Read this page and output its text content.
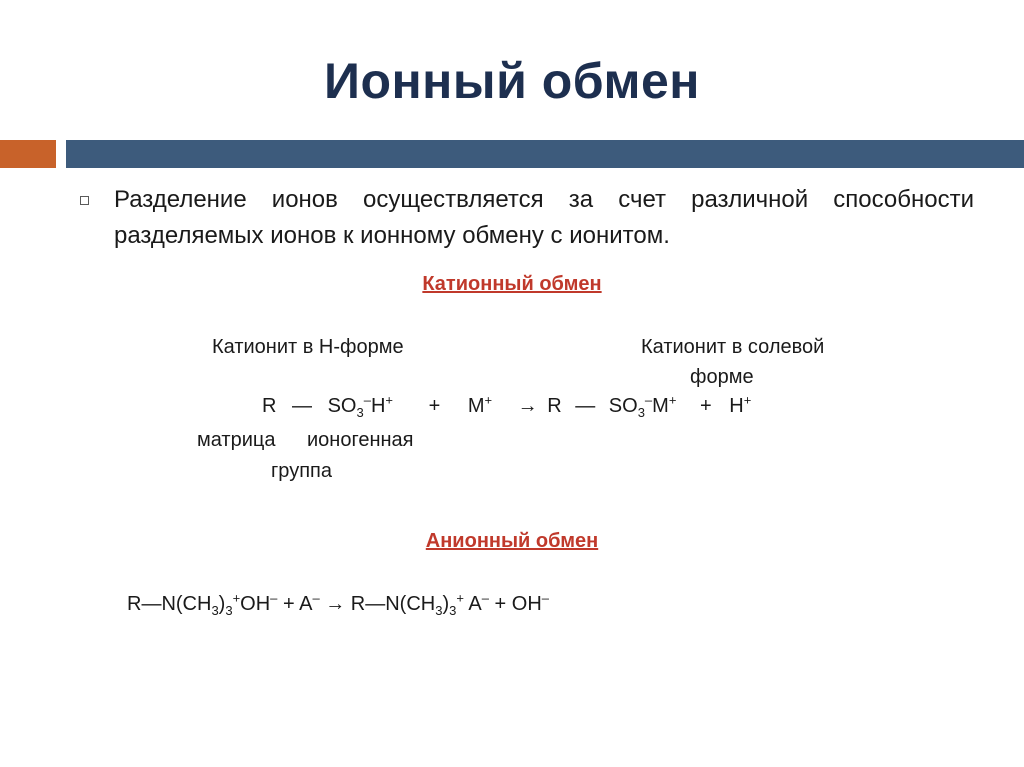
Ионный обмен
Разделение ионов осуществляется за счет различной способности разделяемых ионов к ионному обмену с ионитом.
Катионный обмен
Катионит в Н-форме	Катионит в солевой
форме
R — $SO_3^-H^+ + M^+ \to R$ — $SO_3^-M^+ + H^+$
матрица ионогенная
группа
Анионный обмен
$R—N(CH_3)_3^+OH^- + A^-$ → $R—N(CH_3)_3^+$ A– + OH–
